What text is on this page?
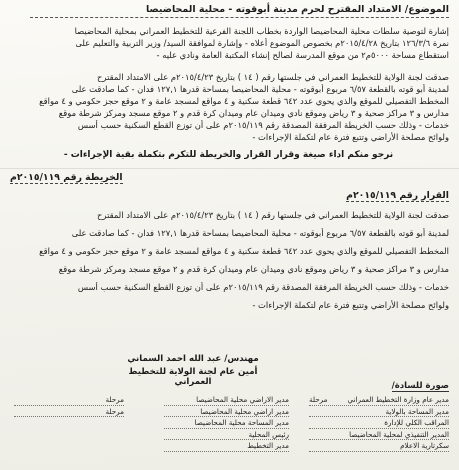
الموضوع/ الامتداد المقترح لحرم مدينة أبوقوته - محلية المحاضيصا
إشارة لتوصية سلطات محلية المحاضيصا الواردة بخطاب اللجنة الفرعية للتخطيط العمراني بمحلية المحاضيصا
نمرة ١٢٦/٣/٦ بتاريخ ٢٠١٥/٤/٢٨م بخصوص الموضوع أعلاه - وإشارة لموافقة السيد/ وزير التربية والتعليم على
استقطاع مساحة ٥٠٠٠م٢ من موقع المدرسة لصالح إنشاء المكتبة العامة ونادي عليه -
صدقت لجنة الولاية للتخطيط العمراني في جلستها رقم ( ١٤ ) بتاريخ ٢٠١٥/٤/٢٣م على الامتداد المقترح
لمدينة أبو قوته بالقطعة ٦/٥٧ مربوع أبوقوته - محلية المحاضيصا بمساحة قدرها ١٢٧,١ فدان - كما صادقت على
المخطط التفصيلي للموقع والذي يحوي عدد ٦٤٢ قطعة سكنية و ٤ مواقع لمسجد عامة و ٢ موقع حجز حكومي و ٤ مواقع
مدارس و ٣ مراكز صحية و ٣ رياض وموقع نادي وميدان عام وميدان كرة قدم و ٢ موقع مسجد ومركز شرطة موقع
خدمات - وذلك حسب الخريطة المرفقة المصدقة رقم ٢٠١٥/١١٩م على أن توزع القطع السكنية حسب أسس
ولوائح مصلحة الأراضي وتتبع فترة عام لتكملة الإجراءات -
نرجو منكم أداء صيغة وقرار القرار والخريطة للتكرم بتكملة بقية الإجراءات -
القرار رقم ٢٠١٥/١١٩م
الخريطة رقم ٢٠١٥/١١٩م
صدقت لجنة الولاية للتخطيط العمراني في جلستها رقم ( ١٤ ) بتاريخ ٢٠١٥/٤/٢٣م على الامتداد المقترح
لمدينة أبو قوته بالقطعة ٦/٥٧ مربوع أبوقوته - محلية المحاضيصا بمساحة قدرها ١٢٧,١ فدان - كما صادقت على
المخطط التفصيلي للموقع والذي يحوي عدد ٦٤٢ قطعة سكنية و ٤ مواقع لمسجد عامة و ٢ موقع حجز حكومي و ٤ مواقع
مدارس و ٣ مراكز صحية و ٣ رياض وموقع نادي وميدان عام وميدان كرة قدم و ٢ موقع مسجد ومركز شرطة موقع
خدمات - وذلك حسب الخريطة المرفقة المصدقة رقم ٢٠١٥/١١٩م على أن توزع القطع السكنية حسب أسس
ولوائح مصلحة الأراضي وتتبع فترة عام لتكملة الإجراءات -
مهندس/ عبد الله احمد السماني
أمين عام لجنة الولاية للتخطيط العمراني	صورة للسادة/
مدير عام وزارة التخطيط العمراني
مرحلة
مدير المساحة بالولاية
المراقب الكلي للإدارة
المدير التنفيذي لمحلية المحاضيصا
سكرتارية الاعلام
مدير الاراضي محلية المحاضيصا
مدير اراضي محلية المحاضيصا
مدير المساحة محلية المحاضيصا
رئيس المحلية
مدير التخطيط
مرحلة
مرحلة
